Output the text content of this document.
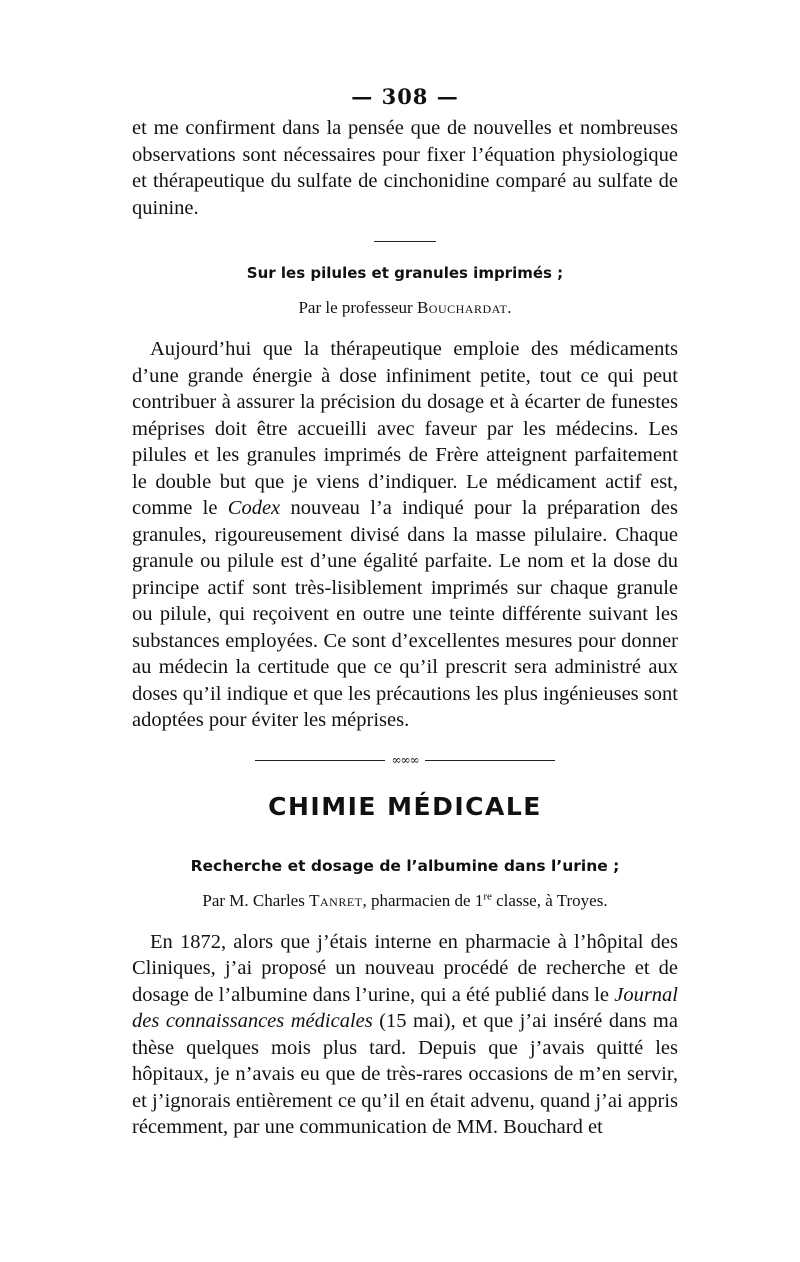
— 308 —

et me confirment dans la pensée que de nouvelles et nombreuses observations sont nécessaires pour fixer l’équation physiologique et thérapeutique du sulfate de cinchonidine comparé au sulfate de quinine.

Sur les pilules et granules imprimés ;
Par le professeur Bouchardat.

Aujourd’hui que la thérapeutique emploie des médicaments d’une grande énergie à dose infiniment petite, tout ce qui peut contribuer à assurer la précision du dosage et à écarter de funestes méprises doit être accueilli avec faveur par les médecins. Les pilules et les granules imprimés de Frère atteignent parfaitement le double but que je viens d’indiquer. Le médicament actif est, comme le Codex nouveau l’a indiqué pour la préparation des granules, rigoureusement divisé dans la masse pilulaire. Chaque granule ou pilule est d’une égalité parfaite. Le nom et la dose du principe actif sont très-lisiblement imprimés sur chaque granule ou pilule, qui reçoivent en outre une teinte différente suivant les substances employées. Ce sont d’excellentes mesures pour donner au médecin la certitude que ce qu’il prescrit sera administré aux doses qu’il indique et que les précautions les plus ingénieuses sont adoptées pour éviter les méprises.

∞∞∞
CHIMIE MÉDICALE
Recherche et dosage de l’albumine dans l’urine ;
Par M. Charles Tanret, pharmacien de 1re classe, à Troyes.

En 1872, alors que j’étais interne en pharmacie à l’hôpital des Cliniques, j’ai proposé un nouveau procédé de recherche et de dosage de l’albumine dans l’urine, qui a été publié dans le Journal des connaissances médicales (15 mai), et que j’ai inséré dans ma thèse quelques mois plus tard. Depuis que j’avais quitté les hôpitaux, je n’avais eu que de très-rares occasions de m’en servir, et j’ignorais entièrement ce qu’il en était advenu, quand j’ai appris récemment, par une communication de MM. Bouchard et
